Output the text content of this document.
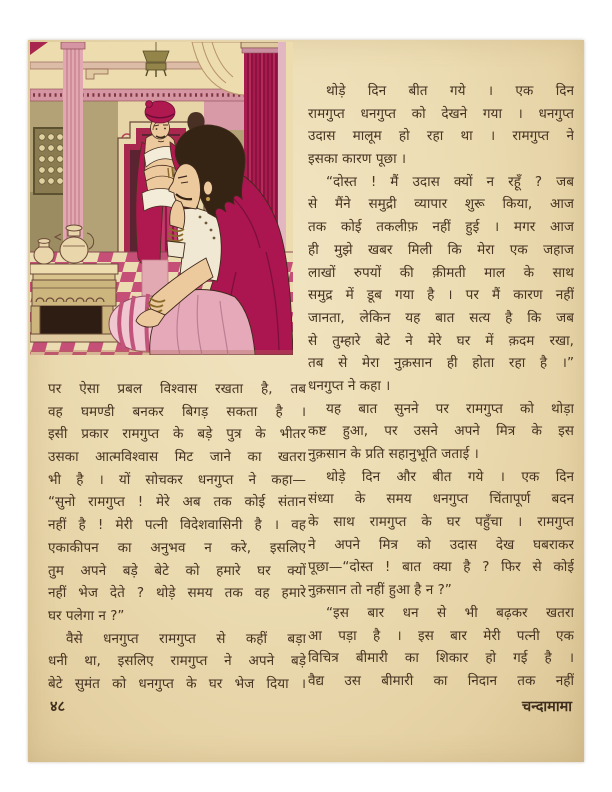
थोड़े दिन बीत गये । एक दिन
रामगुप्त धनगुप्त को देखने गया । धनगुप्त
उदास मालूम हो रहा था । रामगुप्त ने
इसका कारण पूछा ।
“दोस्त ! मैं उदास क्यों न रहूँ ? जब
से मैंने समुद्री व्यापार शुरू किया, आज
तक कोई तकलीफ़ नहीं हुई । मगर आज
ही मुझे खबर मिली कि मेरा एक जहाज
लाखों रुपयों की क़ीमती माल के साथ
समुद्र में डूब गया है । पर मैं कारण नहीं
जानता, लेकिन यह बात सत्य है कि जब
से तुम्हारे बेटे ने मेरे घर में क़दम रखा,
तब से मेरा नुक़सान ही होता रहा है ।”
धनगुप्त ने कहा ।
यह बात सुनने पर रामगुप्त को थोड़ा
कष्ट हुआ, पर उसने अपने मित्र के इस
नुक़सान के प्रति सहानुभूति जताई ।
थोड़े दिन और बीत गये । एक दिन
संध्या के समय धनगुप्त चिंतापूर्ण बदन
के साथ रामगुप्त के घर पहुँचा । रामगुप्त
ने अपने मित्र को उदास देख घबराकर
पूछा—“दोस्त ! बात क्या है ? फिर से कोई
नुक़सान तो नहीं हुआ है न ?”
“इस बार धन से भी बढ़कर खतरा
आ पड़ा है । इस बार मेरी पत्नी एक
विचित्र बीमारी का शिकार हो गई है ।
वैद्य उस बीमारी का निदान तक नहीं
पर ऐसा प्रबल विश्वास रखता है, तब
वह घमण्डी बनकर बिगड़ सकता है ।
इसी प्रकार रामगुप्त के बड़े पुत्र के भीतर
उसका आत्मविश्वास मिट जाने का खतरा
भी है । यों सोचकर धनगुप्त ने कहा—
“सुनो रामगुप्त ! मेरे अब तक कोई संतान
नहीं है ! मेरी पत्नी विदेशवासिनी है । वह
एकाकीपन का अनुभव न करे, इसलिए
तुम अपने बड़े बेटे को हमारे घर क्यों
नहीं भेज देते ? थोड़े समय तक वह हमारे
घर पलेगा न ?”
वैसे धनगुप्त रामगुप्त से कहीं बड़ा
धनी था, इसलिए रामगुप्त ने अपने बड़े
बेटे सुमंत को धनगुप्त के घर भेज दिया ।
४८	चन्दामामा
